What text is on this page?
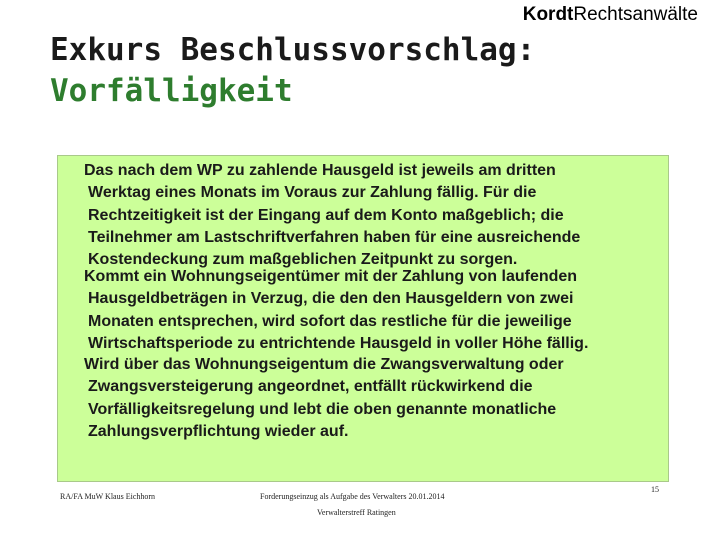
KordtRechtsanwälte
Exkurs Beschlussvorschlag:
Vorfälligkeit

Das nach dem WP zu zahlende Hausgeld ist jeweils am dritten
Werktag eines Monats im Voraus zur Zahlung fällig. Für die
Rechtzeitigkeit ist der Eingang auf dem Konto maßgeblich; die
Teilnehmer am Lastschriftverfahren haben für eine ausreichende
Kostendeckung zum maßgeblichen Zeitpunkt zu sorgen.

Kommt ein Wohnungseigentümer mit der Zahlung von laufenden
Hausgeldbeträgen in Verzug, die den den Hausgeldern von zwei
Monaten entsprechen, wird sofort das restliche für die jeweilige
Wirtschaftsperiode zu entrichtende Hausgeld in voller Höhe fällig.

Wird über das Wohnungseigentum die Zwangsverwaltung oder
Zwangsversteigerung angeordnet, entfällt rückwirkend die
Vorfälligkeitsregelung und lebt die oben genannte monatliche
Zahlungsverpflichtung wieder auf.

RA/FA MuW Klaus Eichhorn	Forderungseinzug als Aufgabe des Verwalters 20.01.2014
Verwalterstreff Ratingen
15
